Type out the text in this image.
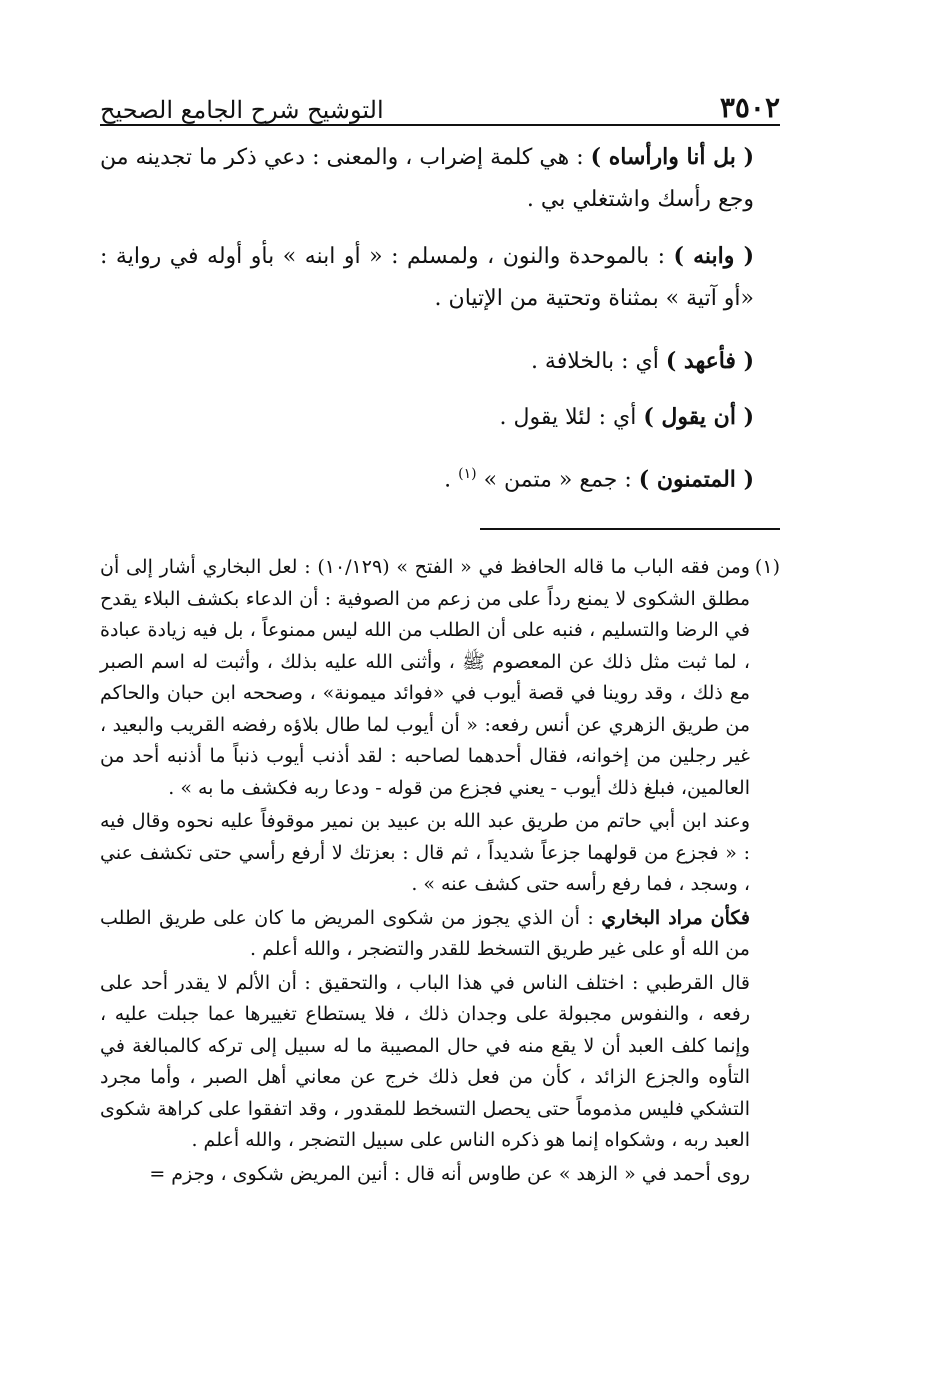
٣٥٠٢
التوشيح شرح الجامع الصحيح

( بل أنا وارأساه ) : هي كلمة إضراب ، والمعنى : دعي ذكر ما تجدينه من وجع رأسك واشتغلي بي .

( وابنه ) : بالموحدة والنون ، ولمسلم : « أو ابنه » بأو أوله في رواية : «أو آتية » بمثناة وتحتية من الإتيان .

( فأعهد ) أي : بالخلافة .

( أن يقول ) أي : لئلا يقول .

( المتمنون ) : جمع « متمن » $^{(١)}$ .

(١)ومن فقه الباب ما قاله الحافظ في « الفتح » (١٠/١٢٩) : لعل البخاري أشار إلى أن مطلق الشكوى لا يمنع رداً على من زعم من الصوفية : أن الدعاء بكشف البلاء يقدح في الرضا والتسليم ، فنبه على أن الطلب من الله ليس ممنوعاً ، بل فيه زيادة عبادة ، لما ثبت مثل ذلك عن المعصوم ﷺ ، وأثنى الله عليه بذلك ، وأثبت له اسم الصبر مع ذلك ، وقد روينا في قصة أيوب في «فوائد ميمونة» ، وصححه ابن حبان والحاكم من طريق الزهري عن أنس رفعه: « أن أيوب لما طال بلاؤه رفضه القريب والبعيد ، غير رجلين من إخوانه، فقال أحدهما لصاحبه : لقد أذنب أيوب ذنباً ما أذنبه أحد من العالمين، فبلغ ذلك أيوب - يعني فجزع من قوله - ودعا ربه فكشف ما به » .

وعند ابن أبي حاتم من طريق عبد الله بن عبيد بن نمير موقوفاً عليه نحوه وقال فيه : « فجزع من قولهما جزعاً شديداً ، ثم قال : بعزتك لا أرفع رأسي حتى تكشف عني ، وسجد ، فما رفع رأسه حتى كشف عنه » .

فكأن مراد البخاري : أن الذي يجوز من شكوى المريض ما كان على طريق الطلب من الله أو على غير طريق التسخط للقدر والتضجر ، والله أعلم .

قال القرطبي : اختلف الناس في هذا الباب ، والتحقيق : أن الألم لا يقدر أحد على رفعه ، والنفوس مجبولة على وجدان ذلك ، فلا يستطاع تغييرها عما جبلت عليه ، وإنما كلف العبد أن لا يقع منه في حال المصيبة ما له سبيل إلى تركه كالمبالغة في التأوه والجزع الزائد ، كأن من فعل ذلك خرج عن معاني أهل الصبر ، وأما مجرد التشكي فليس مذموماً حتى يحصل التسخط للمقدور ، وقد اتفقوا على كراهة شكوى العبد ربه ، وشكواه إنما هو ذكره الناس على سبيل التضجر ، والله أعلم .

روى أحمد في « الزهد » عن طاوس أنه قال : أنين المريض شكوى ، وجزم =
